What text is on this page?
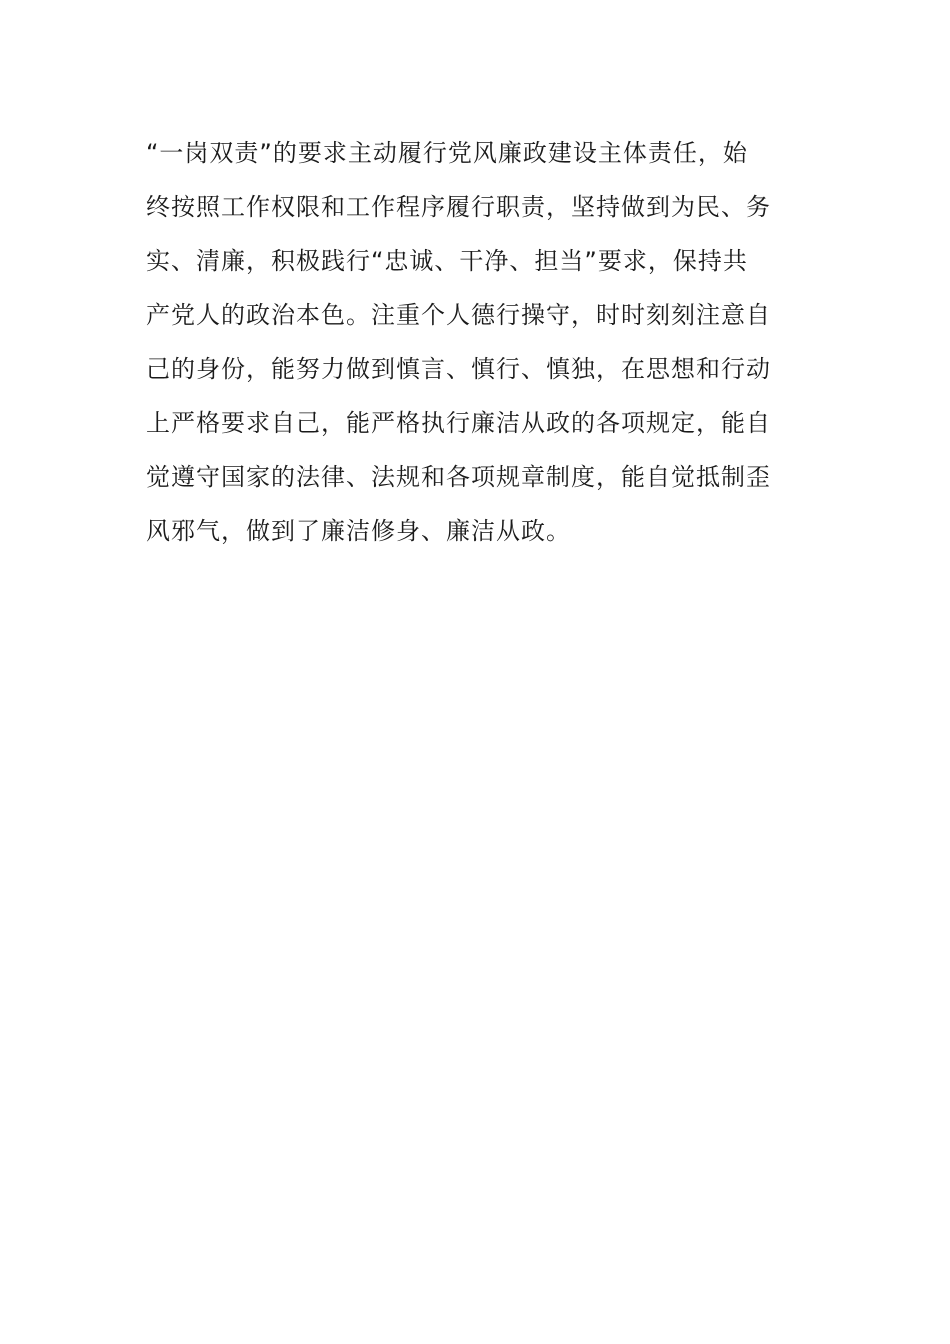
“一岗双责”的要求主动履行党风廉政建设主体责任，始
终按照工作权限和工作程序履行职责，坚持做到为民、务
实、清廉，积极践行“忠诚、干净、担当”要求，保持共
产党人的政治本色。注重个人德行操守，时时刻刻注意自
己的身份，能努力做到慎言、慎行、慎独，在思想和行动
上严格要求自己，能严格执行廉洁从政的各项规定，能自
觉遵守国家的法律、法规和各项规章制度，能自觉抵制歪
风邪气，做到了廉洁修身、廉洁从政。
